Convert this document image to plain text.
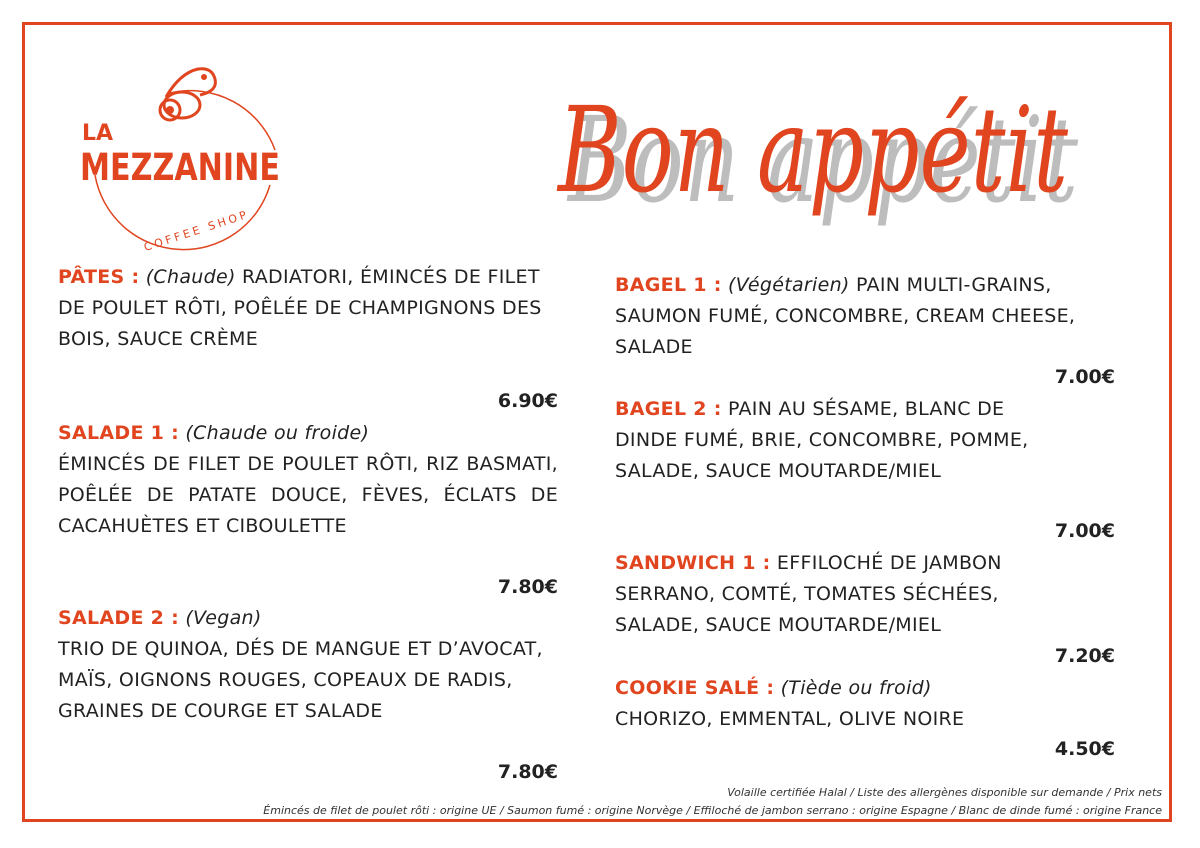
LA
MEZZANINE
COFFEE SHOP
Bon appétit
Bon appétit
PÂTES : (Chaude) RADIATORI, ÉMINCÉS DE FILET DE POULET RÔTI, POÊLÉE DE CHAMPIGNONS DES BOIS, SAUCE CRÈME
6.90€
SALADE 1 : (Chaude ou froide)
ÉMINCÉS DE FILET DE POULET RÔTI, RIZ BASMATI, POÊLÉE DE PATATE DOUCE, FÈVES, ÉCLATS DE CACAHUÈTES ET CIBOULETTE
7.80€
SALADE 2 : (Vegan)
TRIO DE QUINOA, DÉS DE MANGUE ET D’AVOCAT, MAÏS, OIGNONS ROUGES, COPEAUX DE RADIS, GRAINES DE COURGE ET SALADE
7.80€
BAGEL 1 : (Végétarien) PAIN MULTI-GRAINS, SAUMON FUMÉ, CONCOMBRE, CREAM CHEESE, SALADE
7.00€
BAGEL 2 : PAIN AU SÉSAME, BLANC DE DINDE FUMÉ, BRIE, CONCOMBRE, POMME, SALADE, SAUCE MOUTARDE/MIEL
7.00€
SANDWICH 1 : EFFILOCHÉ DE JAMBON SERRANO, COMTÉ, TOMATES SÉCHÉES, SALADE, SAUCE MOUTARDE/MIEL
7.20€
COOKIE SALÉ : (Tiède ou froid)
CHORIZO, EMMENTAL, OLIVE NOIRE
4.50€
Volaille certifiée Halal / Liste des allergènes disponible sur demande / Prix nets
Émincés de filet de poulet rôti : origine UE / Saumon fumé : origine Norvège / Effiloché de jambon serrano : origine Espagne / Blanc de dinde fumé : origine France
